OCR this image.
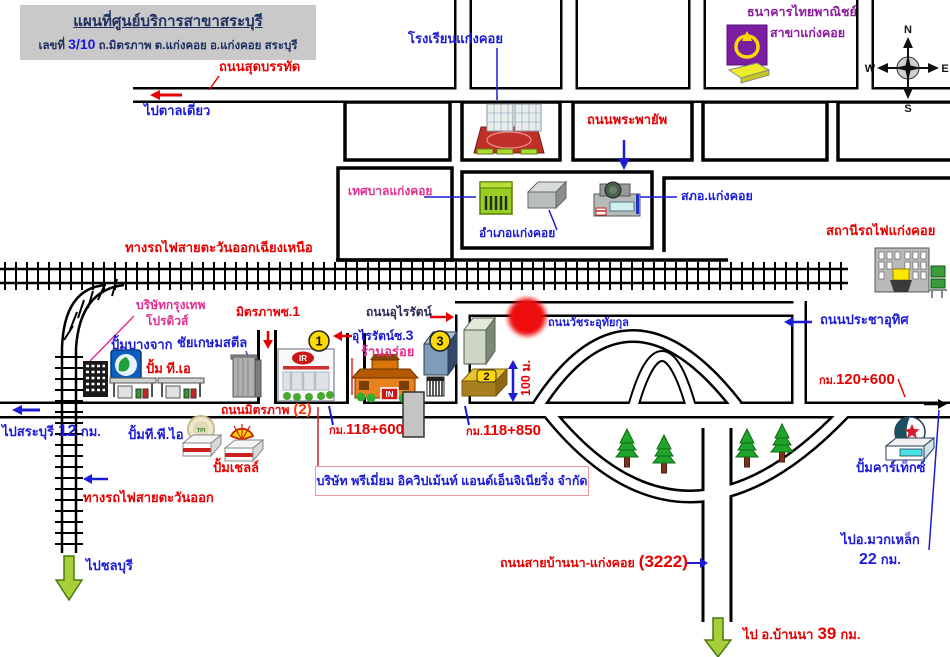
IR
IN
TPI
N
S
W	E
1	3
2
แผนที่ศูนย์บริการสาขาสระบุรี
เลขที่ 3/10 ถ.มิตรภาพ ต.แก่งคอย อ.แก่งคอย สระบุรี	โรงเรียนแก่งคอย
ถนนสุดบรรทัด
ไปตาลเดี่ยว
ธนาคารไทยพาณิชย์
สาขาแก่งคอย
ถนนพระพายัพ
เทศบาลแก่งคอย
อำเภอแก่งคอย
สภอ.แก่งคอย
สถานีรถไฟแก่งคอย
ทางรถไฟสายตะวันออกเฉียงเหนือ
บริษัทกรุงเทพ
โปรดิวส์
ปั้มบางจาก
ปั้ม ที.เอ
ชัยเกษมสตีล
มิตรภาพซ.1
อุไรรัตน์ซ.3
ถนนอุไรรัตน์
ร้านอร่อย
ถนนวัชระอุทัยกุล	ถนนประชาอุทิศ
กม.120+600
ถนนมิตรภาพ (2)
กม.118+600	กม.118+850
ไปสระบุรี 12 กม. ปั้มที.พี.ไอ
ปั้มเชลล์
ทางรถไฟสายตะวันออก
ไปชลบุรี
บริษัท พรีเมี่ยม อิควิปเม้นท์ แอนด์เอ็นจิเนียริ่ง จำกัด
ถนนสายบ้านนา-แก่งคอย (3222)
ไป อ.บ้านนา 39 กม.
ปั้มคาร์เท็กซ์
ไปอ.มวกเหล็ก
22 กม.
100 ม.
